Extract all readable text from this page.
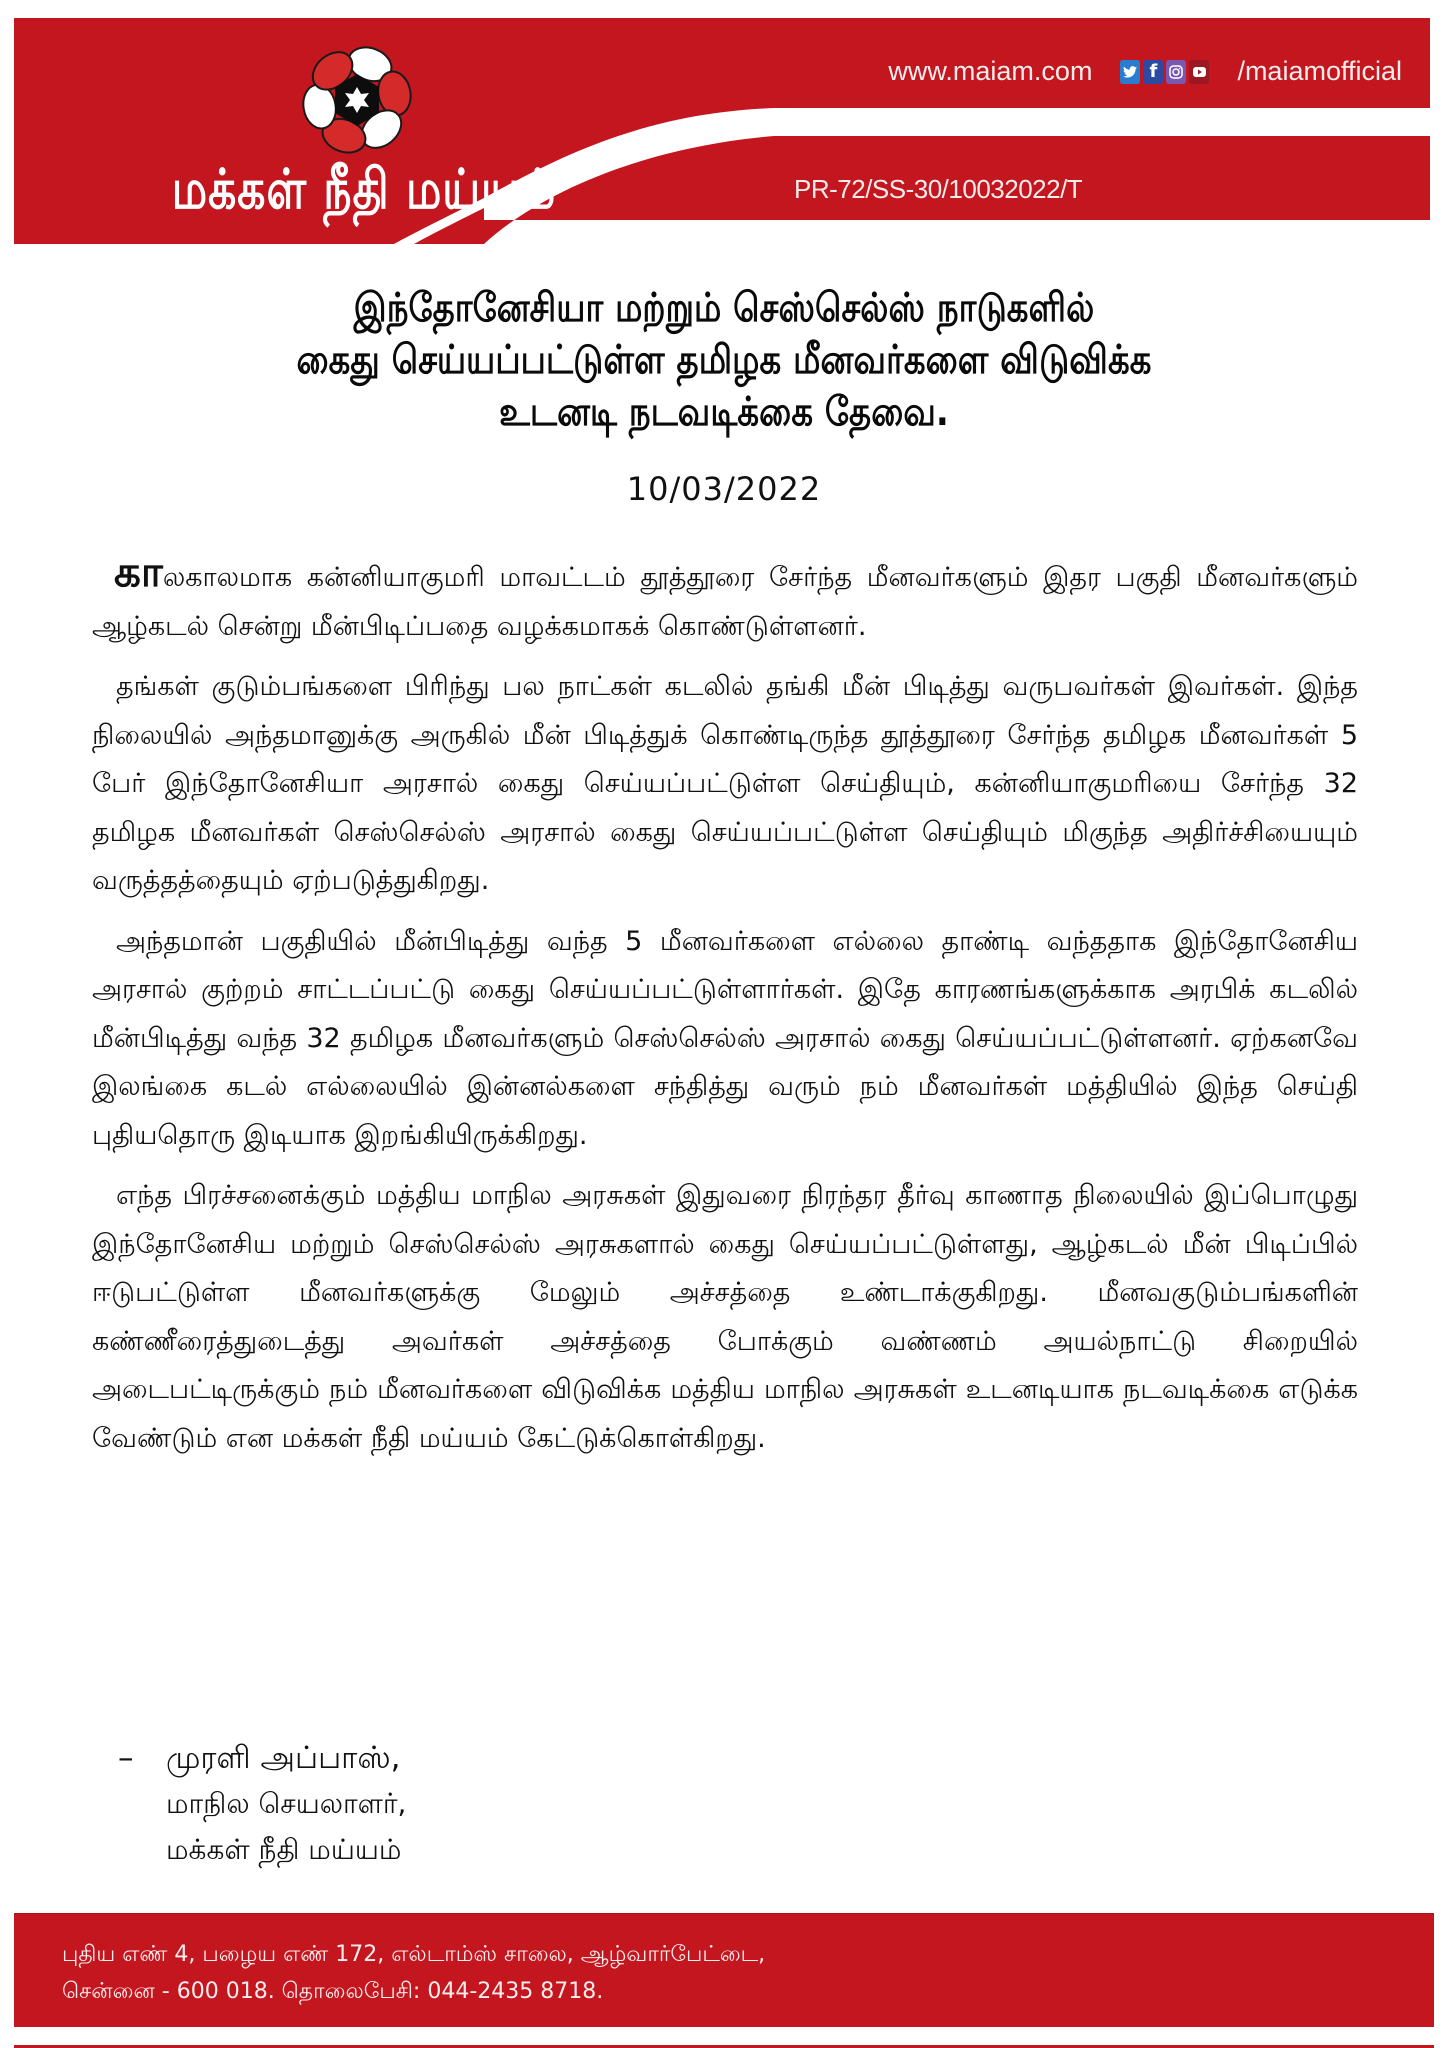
மக்கள் நீதி மய்யம்
www.maiam.com	f	/maiamofficial
PR-72/SS-30/10032022/T
இந்தோனேசியா மற்றும் செஸ்செல்ஸ் நாடுகளில்
கைது செய்யப்பட்டுள்ள தமிழக மீனவர்களை விடுவிக்க
உடனடி நடவடிக்கை தேவை.
10/03/2022

காலகாலமாக கன்னியாகுமரி மாவட்டம் தூத்தூரை சேர்ந்த மீனவர்களும் இதர பகுதி மீனவர்களும் ஆழ்கடல் சென்று மீன்பிடிப்பதை வழக்கமாகக் கொண்டுள்ளனர்.

தங்கள் குடும்பங்களை பிரிந்து பல நாட்கள் கடலில் தங்கி மீன் பிடித்து வருபவர்கள் இவர்கள். இந்த நிலையில் அந்தமானுக்கு அருகில் மீன் பிடித்துக் கொண்டிருந்த தூத்தூரை சேர்ந்த தமிழக மீனவர்கள் 5 பேர் இந்தோனேசியா அரசால் கைது செய்யப்பட்டுள்ள செய்தியும், கன்னியாகுமரியை சேர்ந்த 32 தமிழக மீனவர்கள் செஸ்செல்ஸ் அரசால் கைது செய்யப்பட்டுள்ள செய்தியும் மிகுந்த அதிர்ச்சியையும் வருத்தத்தையும் ஏற்படுத்துகிறது.

அந்தமான் பகுதியில் மீன்பிடித்து வந்த 5 மீனவர்களை எல்லை தாண்டி வந்ததாக இந்தோனேசிய அரசால் குற்றம் சாட்டப்பட்டு கைது செய்யப்பட்டுள்ளார்கள். இதே காரணங்களுக்காக அரபிக் கடலில் மீன்பிடித்து வந்த 32 தமிழக மீனவர்களும் செஸ்செல்ஸ் அரசால் கைது செய்யப்பட்டுள்ளனர். ஏற்கனவே இலங்கை கடல் எல்லையில் இன்னல்களை சந்தித்து வரும் நம் மீனவர்கள் மத்தியில் இந்த செய்தி புதியதொரு இடியாக இறங்கியிருக்கிறது.

எந்த பிரச்சனைக்கும் மத்திய மாநில அரசுகள் இதுவரை நிரந்தர தீர்வு காணாத நிலையில் இப்பொழுது இந்தோனேசிய மற்றும் செஸ்செல்ஸ் அரசுகளால் கைது செய்யப்பட்டுள்ளது, ஆழ்கடல் மீன் பிடிப்பில் ஈடுபட்டுள்ள மீனவர்களுக்கு மேலும் அச்சத்தை உண்டாக்குகிறது. மீனவகுடும்பங்களின் கண்ணீரைத்துடைத்து அவர்கள் அச்சத்தை போக்கும் வண்ணம் அயல்நாட்டு சிறையில் அடைபட்டிருக்கும் நம் மீனவர்களை விடுவிக்க மத்திய மாநில அரசுகள் உடனடியாக நடவடிக்கை எடுக்க வேண்டும் என மக்கள் நீதி மய்யம் கேட்டுக்கொள்கிறது.

– முரளி அப்பாஸ்,
மாநில செயலாளர்,
மக்கள் நீதி மய்யம்
புதிய எண் 4, பழைய எண் 172, எல்டாம்ஸ் சாலை, ஆழ்வார்பேட்டை,
சென்னை - 600 018. தொலைபேசி: 044-2435 8718.
